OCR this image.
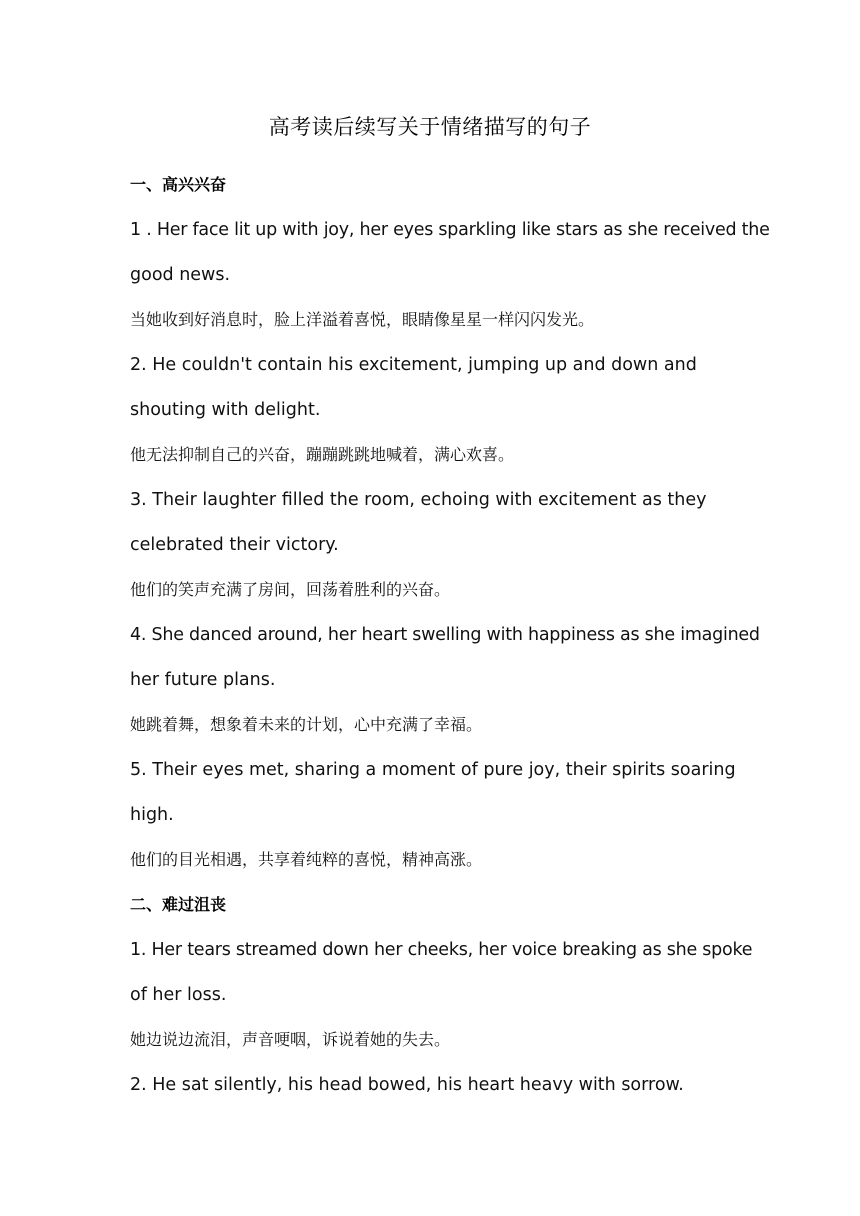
高考读后续写关于情绪描写的句子
一、高兴兴奋
1 . Her face lit up with joy, her eyes sparkling like stars as she received the
good news.
当她收到好消息时，脸上洋溢着喜悦，眼睛像星星一样闪闪发光。
2. He couldn't contain his excitement, jumping up and down and
shouting with delight.
他无法抑制自己的兴奋，蹦蹦跳跳地喊着，满心欢喜。
3. Their laughter filled the room, echoing with excitement as they
celebrated their victory.
他们的笑声充满了房间，回荡着胜利的兴奋。
4. She danced around, her heart swelling with happiness as she imagined
her future plans.
她跳着舞，想象着未来的计划，心中充满了幸福。
5. Their eyes met, sharing a moment of pure joy, their spirits soaring
high.
他们的目光相遇，共享着纯粹的喜悦，精神高涨。
二、难过沮丧
1. Her tears streamed down her cheeks, her voice breaking as she spoke
of her loss.
她边说边流泪，声音哽咽，诉说着她的失去。
2. He sat silently, his head bowed, his heart heavy with sorrow.
